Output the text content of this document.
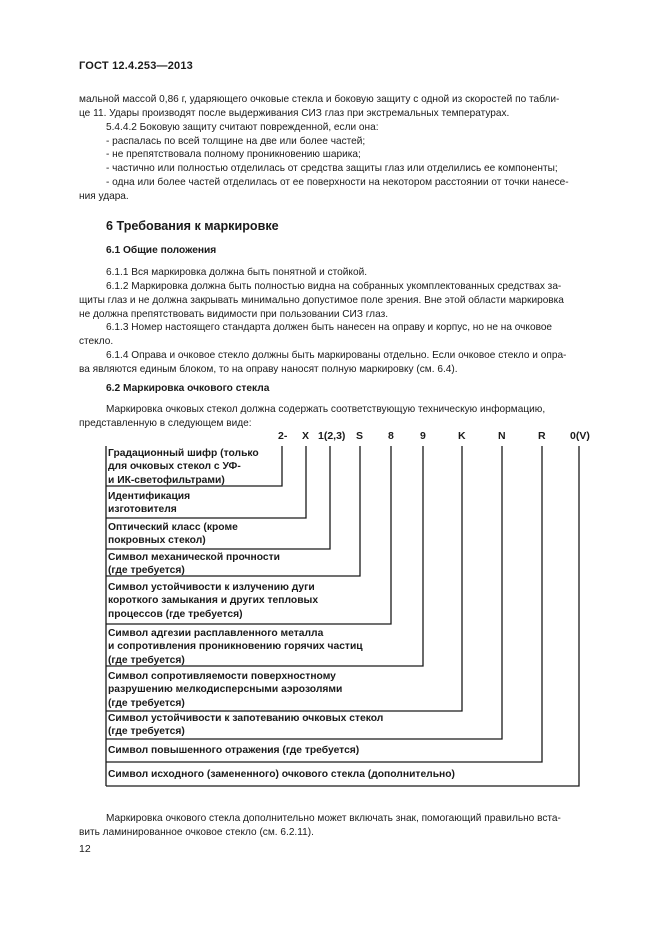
ГОСТ 12.4.253—2013
мальной массой 0,86 г, ударяющего очковые стекла и боковую защиту с одной из скоростей по табли-
це 11. Удары производят после выдерживания СИЗ глаз при экстремальных температурах.
5.4.4.2 Боковую защиту считают поврежденной, если она:
- распалась по всей толщине на две или более частей;
- не препятствовала полному проникновению шарика;
- частично или полностью отделилась от средства защиты глаз или отделились ее компоненты;
- одна или более частей отделилась от ее поверхности на некотором расстоянии от точки нанесе-
ния удара.
6 Требования к маркировке
6.1 Общие положения
6.1.1 Вся маркировка должна быть понятной и стойкой.
6.1.2 Маркировка должна быть полностью видна на собранных укомплектованных средствах за-
щиты глаз и не должна закрывать минимально допустимое поле зрения. Вне этой области маркировка
не должна препятствовать видимости при пользовании СИЗ глаз.
6.1.3 Номер настоящего стандарта должен быть нанесен на оправу и корпус, но не на очковое
стекло.
6.1.4 Оправа и очковое стекло должны быть маркированы отдельно. Если очковое стекло и опра-
ва являются единым блоком, то на оправу наносят полную маркировку (см. 6.4).
6.2 Маркировка очкового стекла
Маркировка очковых стекол должна содержать соответствующую техническую информацию,
представленную в следующем виде:
2- X 1(2,3) S 8 9	K	N	R 0(V)
Градационный шифр (только
для очковых стекол с УФ-
и ИК-светофильтрами)
Идентификация
изготовителя
Оптический класс (кроме
покровных стекол)
Символ механической прочности
(где требуется)
Символ устойчивости к излучению дуги
короткого замыкания и других тепловых
процессов (где требуется)
Символ адгезии расплавленного металла
и сопротивления проникновению горячих частиц
(где требуется)
Символ сопротивляемости поверхностному
разрушению мелкодисперсными аэрозолями
(где требуется)
Символ устойчивости к запотеванию очковых стекол
(где требуется)
Символ повышенного отражения (где требуется)
Символ исходного (замененного) очкового стекла (дополнительно)
Маркировка очкового стекла дополнительно может включать знак, помогающий правильно вста-
вить ламинированное очковое стекло (см. 6.2.11).
12
